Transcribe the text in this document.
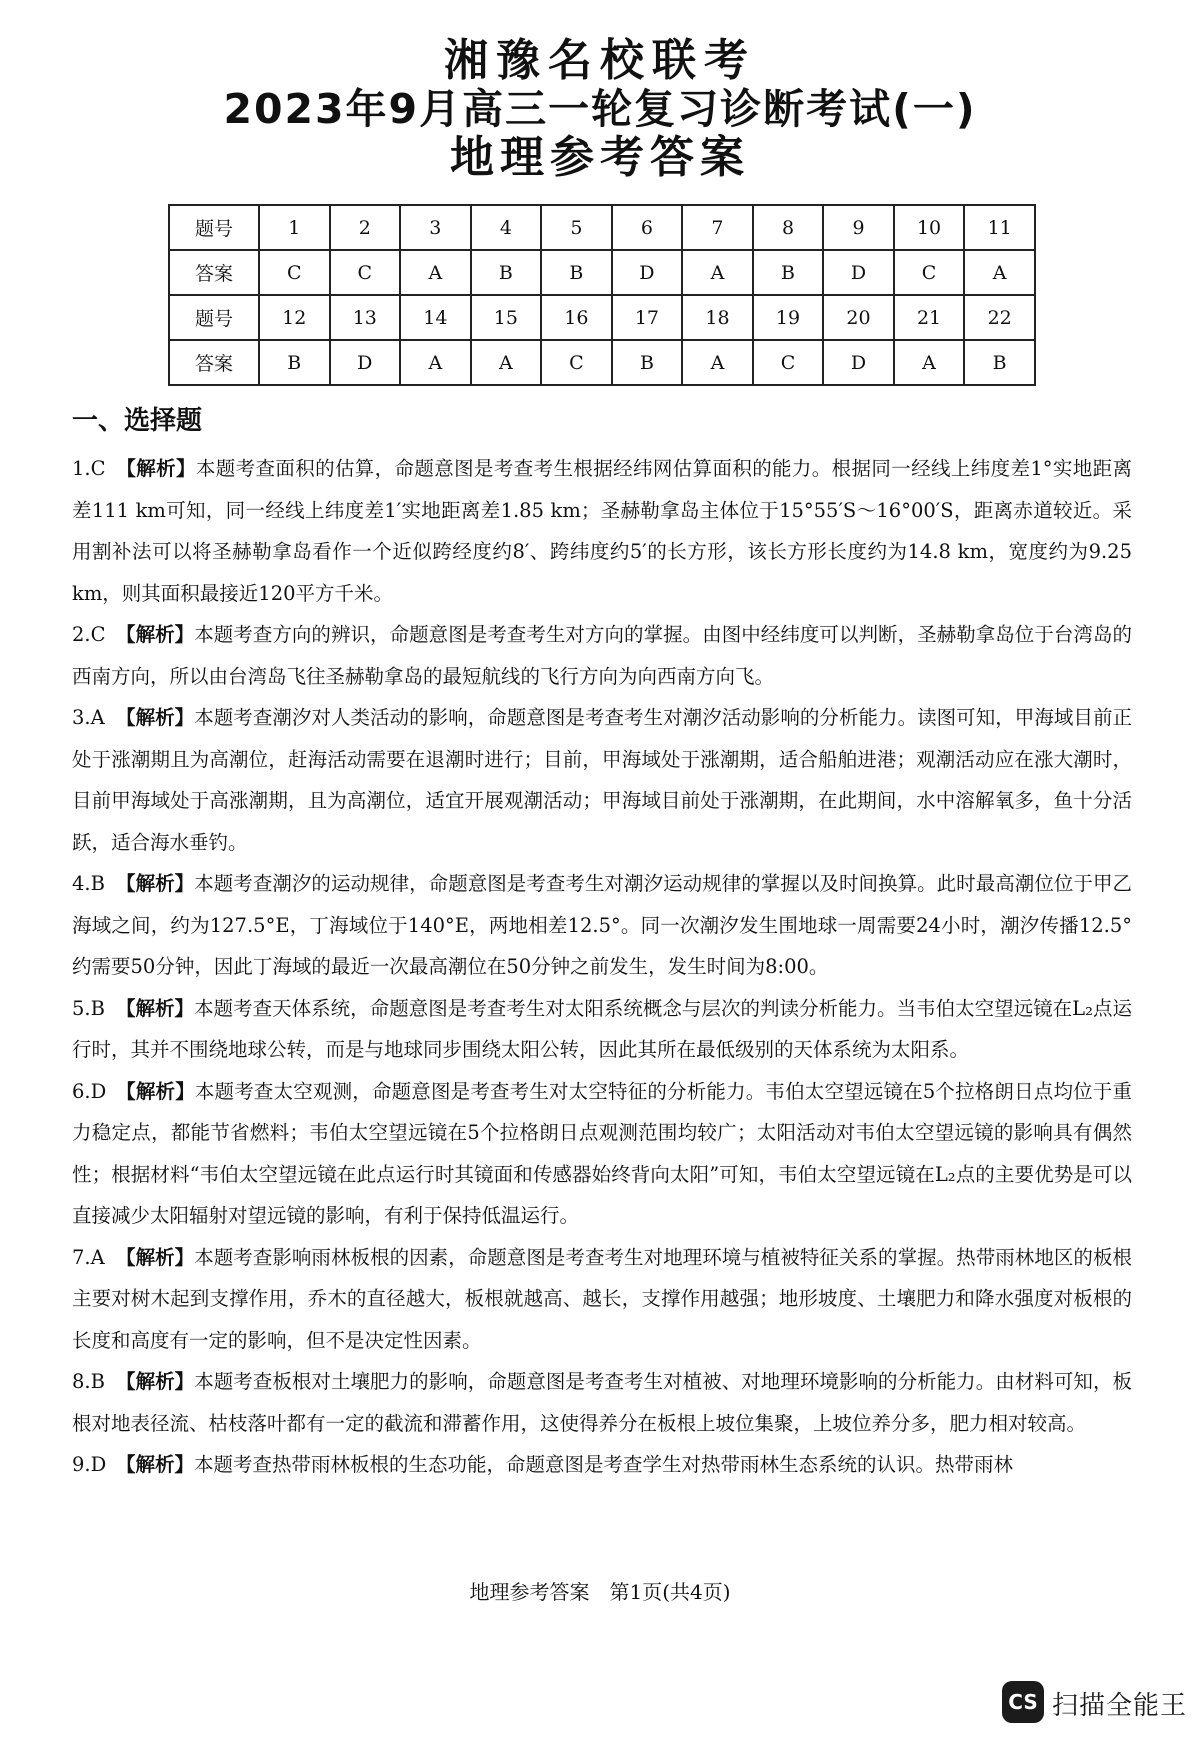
湘豫名校联考
2023年9月高三一轮复习诊断考试(一)
地理参考答案
题号	1	2	3	4	5	6	7	8	9	10	11
答案	C	C	A	B	B	D	A	B	D	C	A
题号	12	13	14	15	16	17	18	19	20	21	22
答案	B	D	A	A	C	B	A	C	D	A	B
一、选择题

1.C 【解析】本题考查面积的估算，命题意图是考查考生根据经纬网估算面积的能力。根据同一经线上纬度差1°实地距离差111 km可知，同一经线上纬度差1′实地距离差1.85 km；圣赫勒拿岛主体位于15°55′S～16°00′S，距离赤道较近。采用割补法可以将圣赫勒拿岛看作一个近似跨经度约8′、跨纬度约5′的长方形，该长方形长度约为14.8 km，宽度约为9.25 km，则其面积最接近120平方千米。

2.C 【解析】本题考查方向的辨识，命题意图是考查考生对方向的掌握。由图中经纬度可以判断，圣赫勒拿岛位于台湾岛的西南方向，所以由台湾岛飞往圣赫勒拿岛的最短航线的飞行方向为向西南方向飞。

3.A 【解析】本题考查潮汐对人类活动的影响，命题意图是考查考生对潮汐活动影响的分析能力。读图可知，甲海域目前正处于涨潮期且为高潮位，赶海活动需要在退潮时进行；目前，甲海域处于涨潮期，适合船舶进港；观潮活动应在涨大潮时，目前甲海域处于高涨潮期，且为高潮位，适宜开展观潮活动；甲海域目前处于涨潮期，在此期间，水中溶解氧多，鱼十分活跃，适合海水垂钓。

4.B 【解析】本题考查潮汐的运动规律，命题意图是考查考生对潮汐运动规律的掌握以及时间换算。此时最高潮位位于甲乙海域之间，约为127.5°E，丁海域位于140°E，两地相差12.5°。同一次潮汐发生围地球一周需要24小时，潮汐传播12.5°约需要50分钟，因此丁海域的最近一次最高潮位在50分钟之前发生，发生时间为8:00。

5.B 【解析】本题考查天体系统，命题意图是考查考生对太阳系统概念与层次的判读分析能力。当韦伯太空望远镜在L₂点运行时，其并不围绕地球公转，而是与地球同步围绕太阳公转，因此其所在最低级别的天体系统为太阳系。

6.D 【解析】本题考查太空观测，命题意图是考查考生对太空特征的分析能力。韦伯太空望远镜在5个拉格朗日点均位于重力稳定点，都能节省燃料；韦伯太空望远镜在5个拉格朗日点观测范围均较广；太阳活动对韦伯太空望远镜的影响具有偶然性；根据材料“韦伯太空望远镜在此点运行时其镜面和传感器始终背向太阳”可知，韦伯太空望远镜在L₂点的主要优势是可以直接减少太阳辐射对望远镜的影响，有利于保持低温运行。

7.A 【解析】本题考查影响雨林板根的因素，命题意图是考查考生对地理环境与植被特征关系的掌握。热带雨林地区的板根主要对树木起到支撑作用，乔木的直径越大，板根就越高、越长，支撑作用越强；地形坡度、土壤肥力和降水强度对板根的长度和高度有一定的影响，但不是决定性因素。

8.B 【解析】本题考查板根对土壤肥力的影响，命题意图是考查考生对植被、对地理环境影响的分析能力。由材料可知，板根对地表径流、枯枝落叶都有一定的截流和滞蓄作用，这使得养分在板根上坡位集聚，上坡位养分多，肥力相对较高。

9.D 【解析】本题考查热带雨林板根的生态功能，命题意图是考查学生对热带雨林生态系统的认识。热带雨林

地理参考答案　第1页(共4页)
CS 扫描全能王
